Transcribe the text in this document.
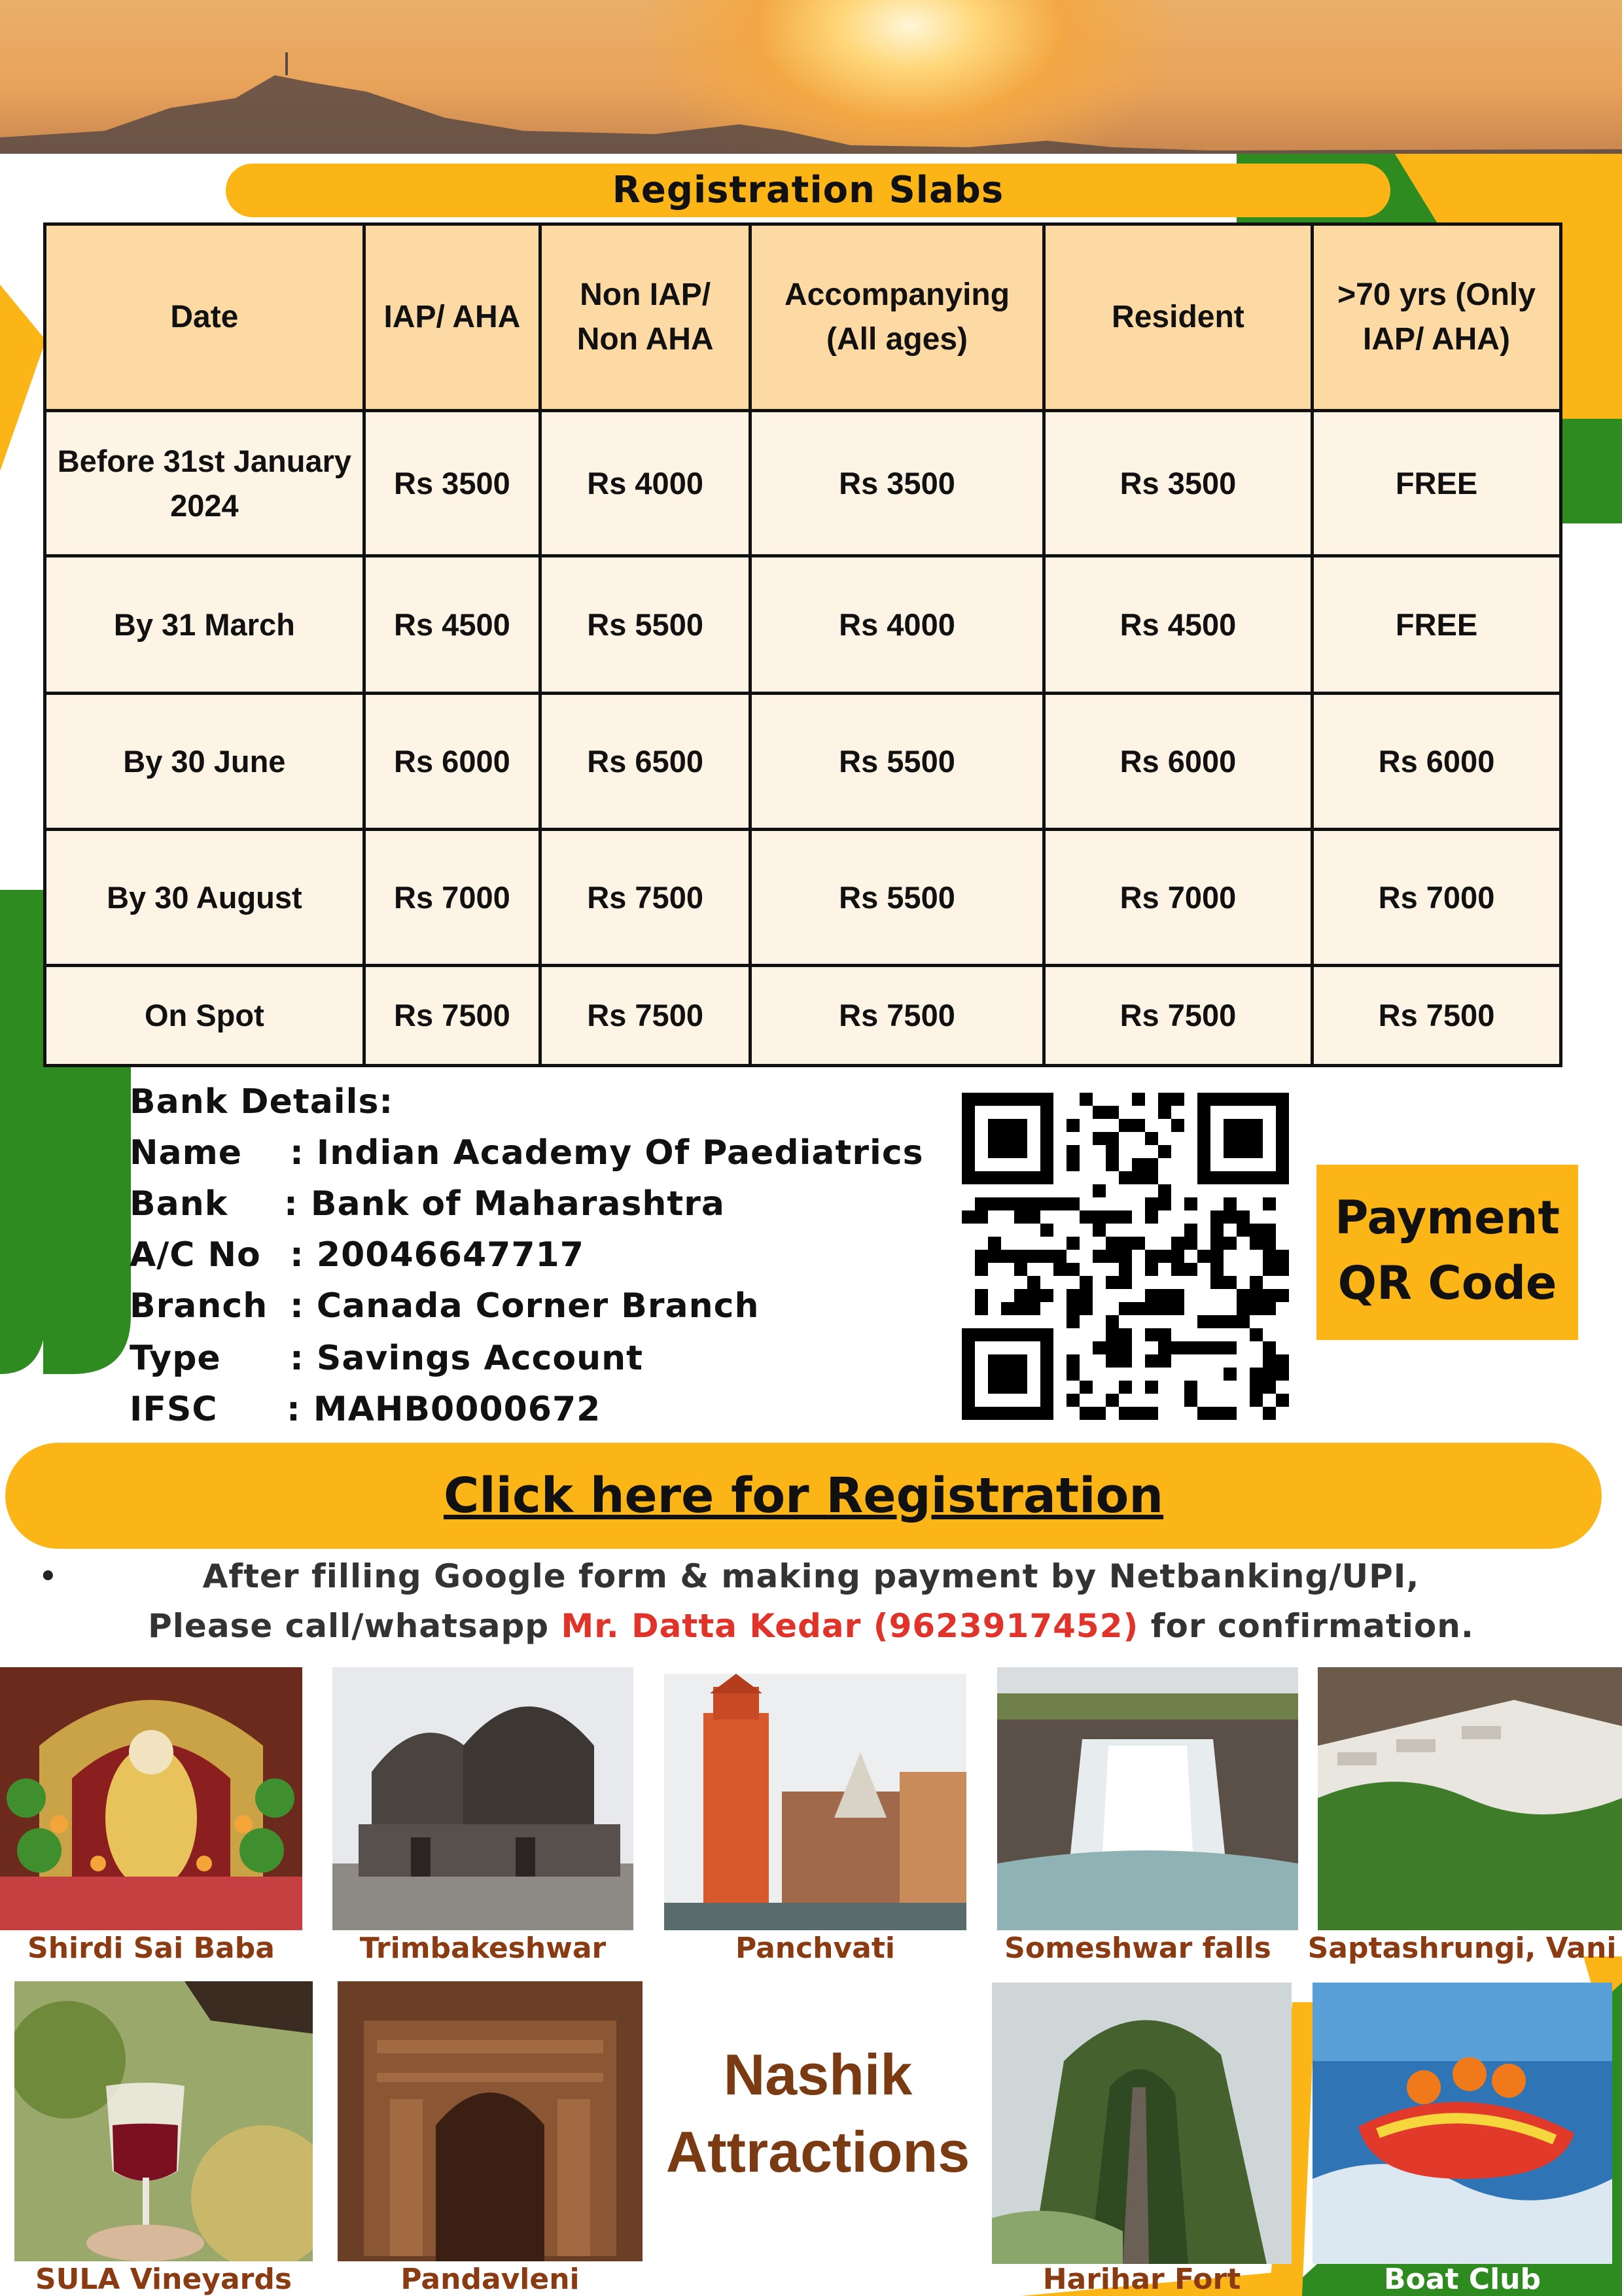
Registration Slabs
Date	IAP/ AHA	Non IAP/ Non AHA	Accompanying (All ages)	Resident	>70 yrs (Only IAP/ AHA)
Before 31st January 2024	Rs 3500	Rs 4000	Rs 3500	Rs 3500	FREE
By 31 March	Rs 4500	Rs 5500	Rs 4000	Rs 4500	FREE
By 30 June	Rs 6000	Rs 6500	Rs 5500	Rs 6000	Rs 6000
By 30 August	Rs 7000	Rs 7500	Rs 5500	Rs 7000	Rs 7000
On Spot	Rs 7500	Rs 7500	Rs 7500	Rs 7500	Rs 7500
Bank Details:
Name : Indian Academy Of Paediatrics
Bank : Bank of Maharashtra
A/C No : 20046647717
Branch : Canada Corner Branch
Type : Savings Account
IFSC : MAHB0000672
Payment
QR Code
Click here for Registration
•	After filling Google form & making payment by Netbanking/UPI,
Please call/whatsapp Mr. Datta Kedar (9623917452) for confirmation.
Shirdi Sai Baba	Trimbakeshwar	Panchvati	Someshwar falls Saptashrungi, Vani
SULA Vineyards	Pandavleni
Nashik
Attractions
Harihar Fort	Boat Club
